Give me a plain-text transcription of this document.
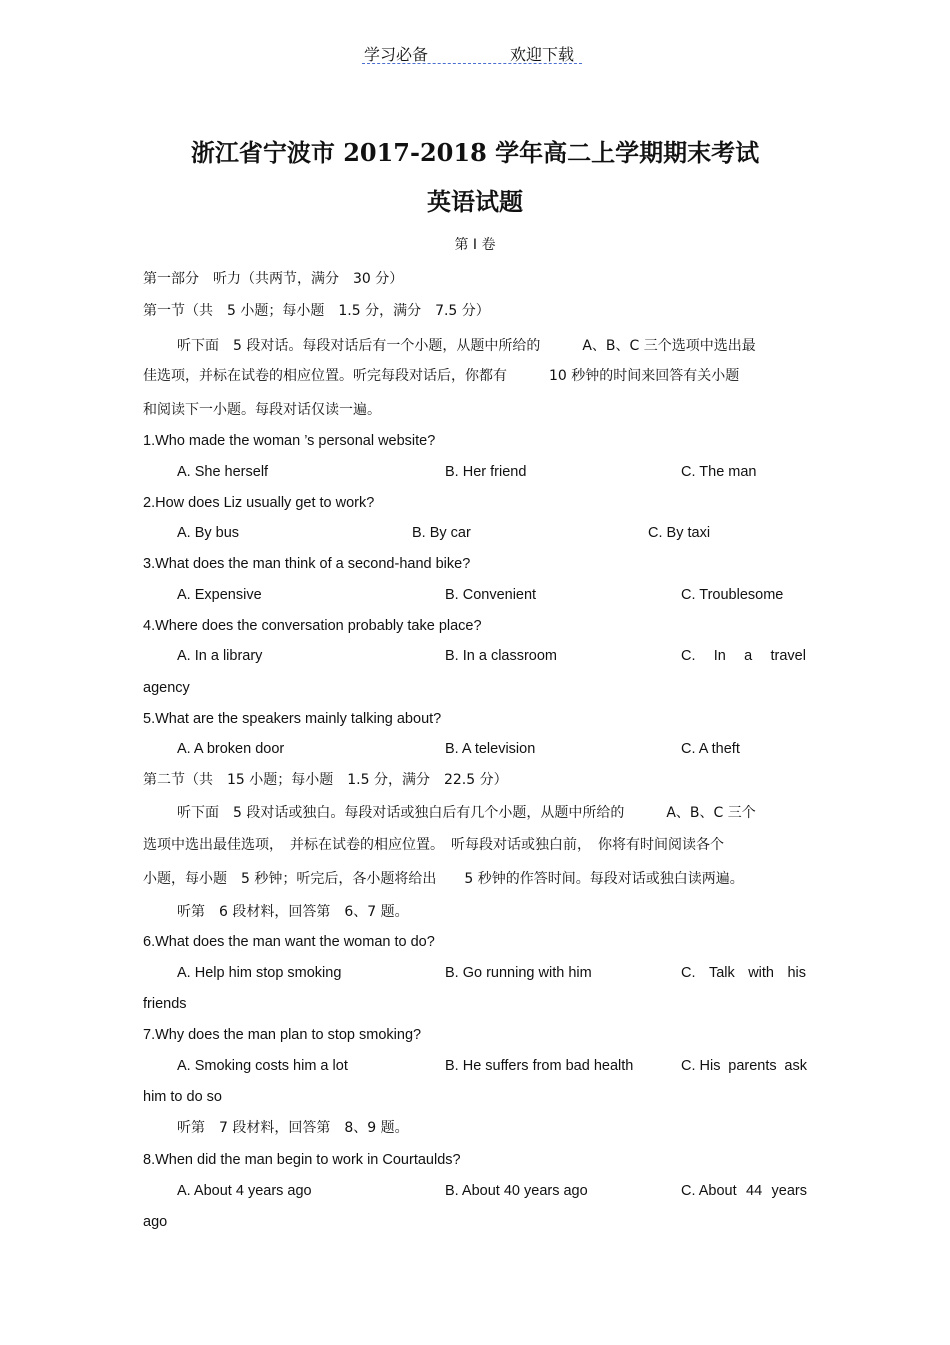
学习必备	欢迎下载
浙江省宁波市 2017-2018 学年高二上学期期末考试
英语试题
第 I 卷
第一部分　听力（共两节，满分　30 分）
第一节（共　5 小题；每小题　1.5 分，满分　7.5 分）
听下面　5 段对话。每段对话后有一个小题，从题中所给的　　　A、B、C 三个选项中选出最
佳选项，并标在试卷的相应位置。听完每段对话后，你都有　　　10 秒钟的时间来回答有关小题
和阅读下一小题。每段对话仅读一遍。
1.Who made the woman ’s personal website?
A. She herself	B. Her friend	C. The man
2.How does Liz usually get to work?
A. By bus	B. By car	C. By taxi
3.What does the man think of a second-hand bike?
A. Expensive	B. Convenient	C. Troublesome
4.Where does the conversation probably take place?
A. In a library	B. In a classroom	C. In a travel
agency
5.What are the speakers mainly talking about?
A. A broken door	B. A television	C. A theft
第二节（共　15 小题；每小题　1.5 分，满分　22.5 分）
听下面　5 段对话或独白。每段对话或独白后有几个小题，从题中所给的　　　A、B、C 三个
选项中选出最佳选项，　并标在试卷的相应位置。　听每段对话或独白前，　你将有时间阅读各个
小题，每小题　5 秒钟；听完后，各小题将给出　　5 秒钟的作答时间。每段对话或独白读两遍。
听第　6 段材料，回答第　6、7 题。
6.What does the man want the woman to do?
A. Help him stop smoking	B. Go running with him	C. Talk with his
friends
7.Why does the man plan to stop smoking?
A. Smoking costs him a lot	B. He suffers from bad health	C. His parents ask
him to do so
听第　7 段材料，回答第　8、9 题。
8.When did the man begin to work in Courtaulds?
A. About 4 years ago	B. About 40 years ago	C. About 44 years
ago
